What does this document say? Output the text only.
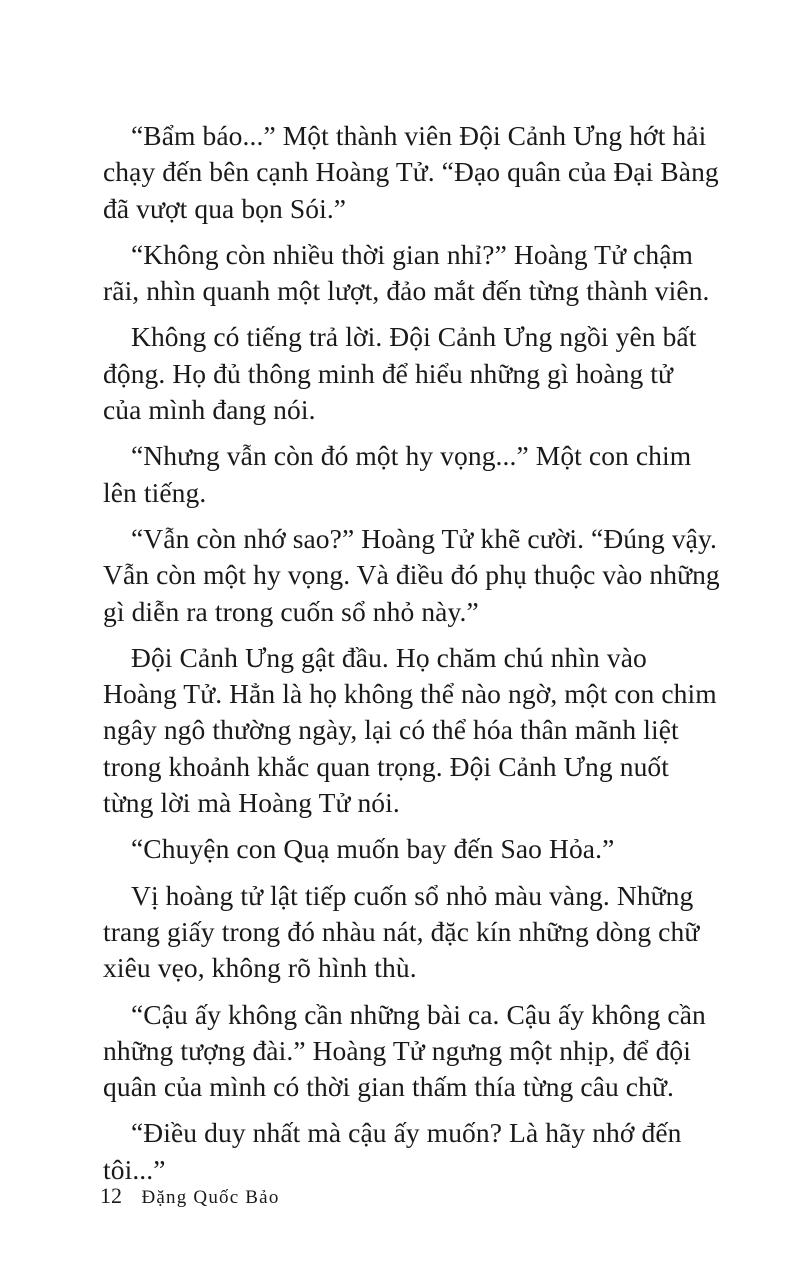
“Bẩm báo...” Một thành viên Đội Cảnh Ưng hớt hải
chạy đến bên cạnh Hoàng Tử. “Đạo quân của Đại Bàng
đã vượt qua bọn Sói.”

“Không còn nhiều thời gian nhỉ?” Hoàng Tử chậm
rãi, nhìn quanh một lượt, đảo mắt đến từng thành viên.

Không có tiếng trả lời. Đội Cảnh Ưng ngồi yên bất
động. Họ đủ thông minh để hiểu những gì hoàng tử
của mình đang nói.

“Nhưng vẫn còn đó một hy vọng...” Một con chim
lên tiếng.

“Vẫn còn nhớ sao?” Hoàng Tử khẽ cười. “Đúng vậy.
Vẫn còn một hy vọng. Và điều đó phụ thuộc vào những
gì diễn ra trong cuốn sổ nhỏ này.”

Đội Cảnh Ưng gật đầu. Họ chăm chú nhìn vào
Hoàng Tử. Hẳn là họ không thể nào ngờ, một con chim
ngây ngô thường ngày, lại có thể hóa thân mãnh liệt
trong khoảnh khắc quan trọng. Đội Cảnh Ưng nuốt
từng lời mà Hoàng Tử nói.

“Chuyện con Quạ muốn bay đến Sao Hỏa.”

Vị hoàng tử lật tiếp cuốn sổ nhỏ màu vàng. Những
trang giấy trong đó nhàu nát, đặc kín những dòng chữ
xiêu vẹo, không rõ hình thù.

“Cậu ấy không cần những bài ca. Cậu ấy không cần
những tượng đài.” Hoàng Tử ngưng một nhịp, để đội
quân của mình có thời gian thấm thía từng câu chữ.

“Điều duy nhất mà cậu ấy muốn? Là hãy nhớ đến
tôi...”

12 Đặng Quốc Bảo
